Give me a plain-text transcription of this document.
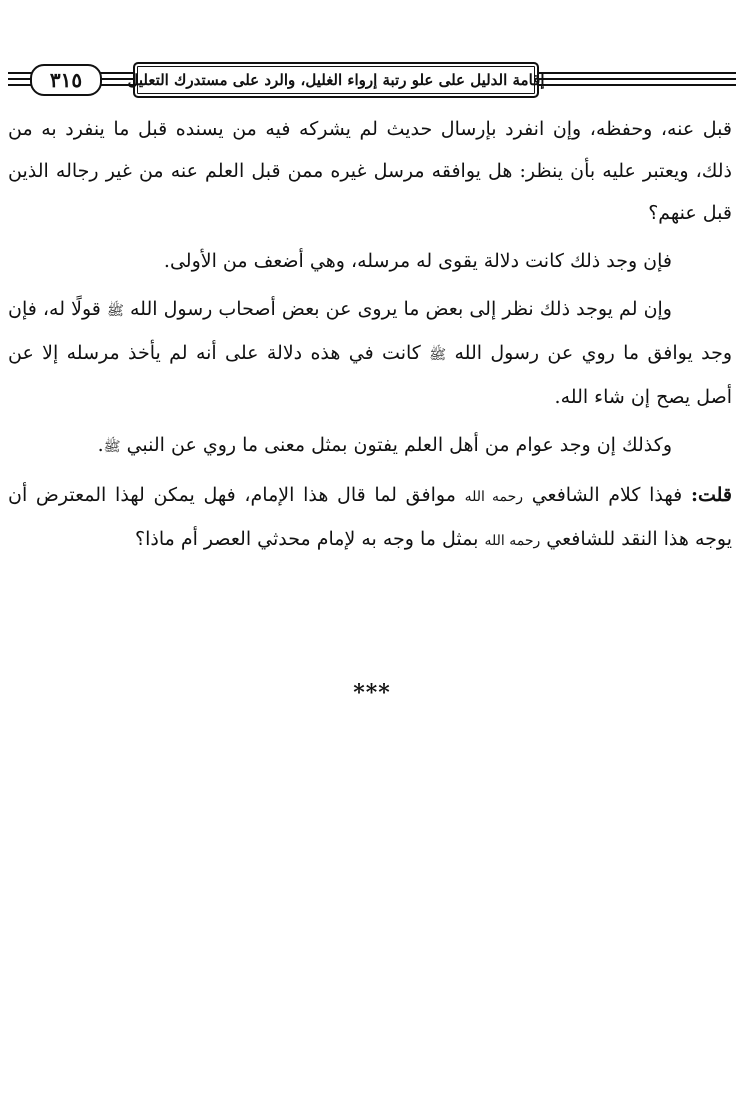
إقامة الدليل على علو رتبة إرواء الغليل، والرد على مستدرك التعليل
٣١٥

قبل عنه، وحفظه، وإن انفرد بإرسال حديث لم يشركه فيه من يسنده قبل ما ينفرد به من ذلك، ويعتبر عليه بأن ينظر: هل يوافقه مرسل غيره ممن قبل العلم عنه من غير رجاله الذين قبل عنهم؟

فإن وجد ذلك كانت دلالة يقوى له مرسله، وهي أضعف من الأولى.

وإن لم يوجد ذلك نظر إلى بعض ما يروى عن بعض أصحاب رسول الله ﷺ قولًا له، فإن وجد يوافق ما روي عن رسول الله ﷺ كانت في هذه دلالة على أنه لم يأخذ مرسله إلا عن أصل يصح إن شاء الله.

وكذلك إن وجد عوام من أهل العلم يفتون بمثل معنى ما روي عن النبي ﷺ.

قلت: فهذا كلام الشافعي رحمه الله موافق لما قال هذا الإمام، فهل يمكن لهذا المعترض أن يوجه هذا النقد للشافعي رحمه الله بمثل ما وجه به لإمام محدثي العصر أم ماذا؟

***
